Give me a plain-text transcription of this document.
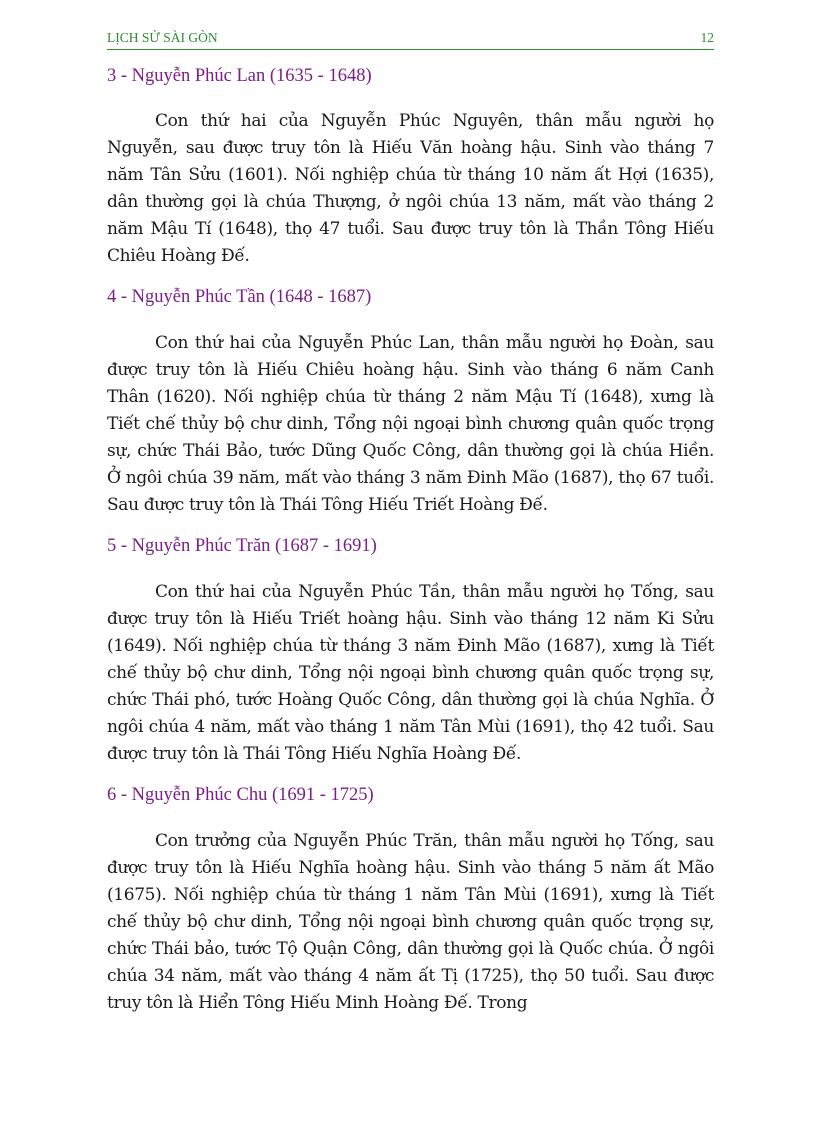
LỊCH SỬ SÀI GÒN	12
3 - Nguyễn Phúc Lan (1635 - 1648)

Con thứ hai của Nguyễn Phúc Nguyên, thân mẫu người họ Nguyễn, sau được truy tôn là Hiếu Văn hoàng hậu. Sinh vào tháng 7 năm Tân Sửu (1601). Nối nghiệp chúa từ tháng 10 năm ất Hợi (1635), dân thường gọi là chúa Thượng, ở ngôi chúa 13 năm, mất vào tháng 2 năm Mậu Tí (1648), thọ 47 tuổi. Sau được truy tôn là Thần Tông Hiếu Chiêu Hoàng Đế.

4 - Nguyễn Phúc Tần (1648 - 1687)

Con thứ hai của Nguyễn Phúc Lan, thân mẫu người họ Đoàn, sau được truy tôn là Hiếu Chiêu hoàng hậu. Sinh vào tháng 6 năm Canh Thân (1620). Nối nghiệp chúa từ tháng 2 năm Mậu Tí (1648), xưng là Tiết chế thủy bộ chư dinh, Tổng nội ngoại bình chương quân quốc trọng sự, chức Thái Bảo, tước Dũng Quốc Công, dân thường gọi là chúa Hiền. Ở ngôi chúa 39 năm, mất vào tháng 3 năm Đinh Mão (1687), thọ 67 tuổi. Sau được truy tôn là Thái Tông Hiếu Triết Hoàng Đế.

5 - Nguyễn Phúc Trăn (1687 - 1691)

Con thứ hai của Nguyễn Phúc Tần, thân mẫu người họ Tống, sau được truy tôn là Hiếu Triết hoàng hậu. Sinh vào tháng 12 năm Ki Sửu (1649). Nối nghiệp chúa từ tháng 3 năm Đinh Mão (1687), xưng là Tiết chế thủy bộ chư dinh, Tổng nội ngoại bình chương quân quốc trọng sự, chức Thái phó, tước Hoàng Quốc Công, dân thường gọi là chúa Nghĩa. Ở ngôi chúa 4 năm, mất vào tháng 1 năm Tân Mùi (1691), thọ 42 tuổi. Sau được truy tôn là Thái Tông Hiếu Nghĩa Hoàng Đế.

6 - Nguyễn Phúc Chu (1691 - 1725)

Con trưởng của Nguyễn Phúc Trăn, thân mẫu người họ Tống, sau được truy tôn là Hiếu Nghĩa hoàng hậu. Sinh vào tháng 5 năm ất Mão (1675). Nối nghiệp chúa từ tháng 1 năm Tân Mùi (1691), xưng là Tiết chế thủy bộ chư dinh, Tổng nội ngoại bình chương quân quốc trọng sự, chức Thái bảo, tước Tộ Quận Công, dân thường gọi là Quốc chúa. Ở ngôi chúa 34 năm, mất vào tháng 4 năm ất Tị (1725), thọ 50 tuổi. Sau được truy tôn là Hiển Tông Hiếu Minh Hoàng Đế. Trong
